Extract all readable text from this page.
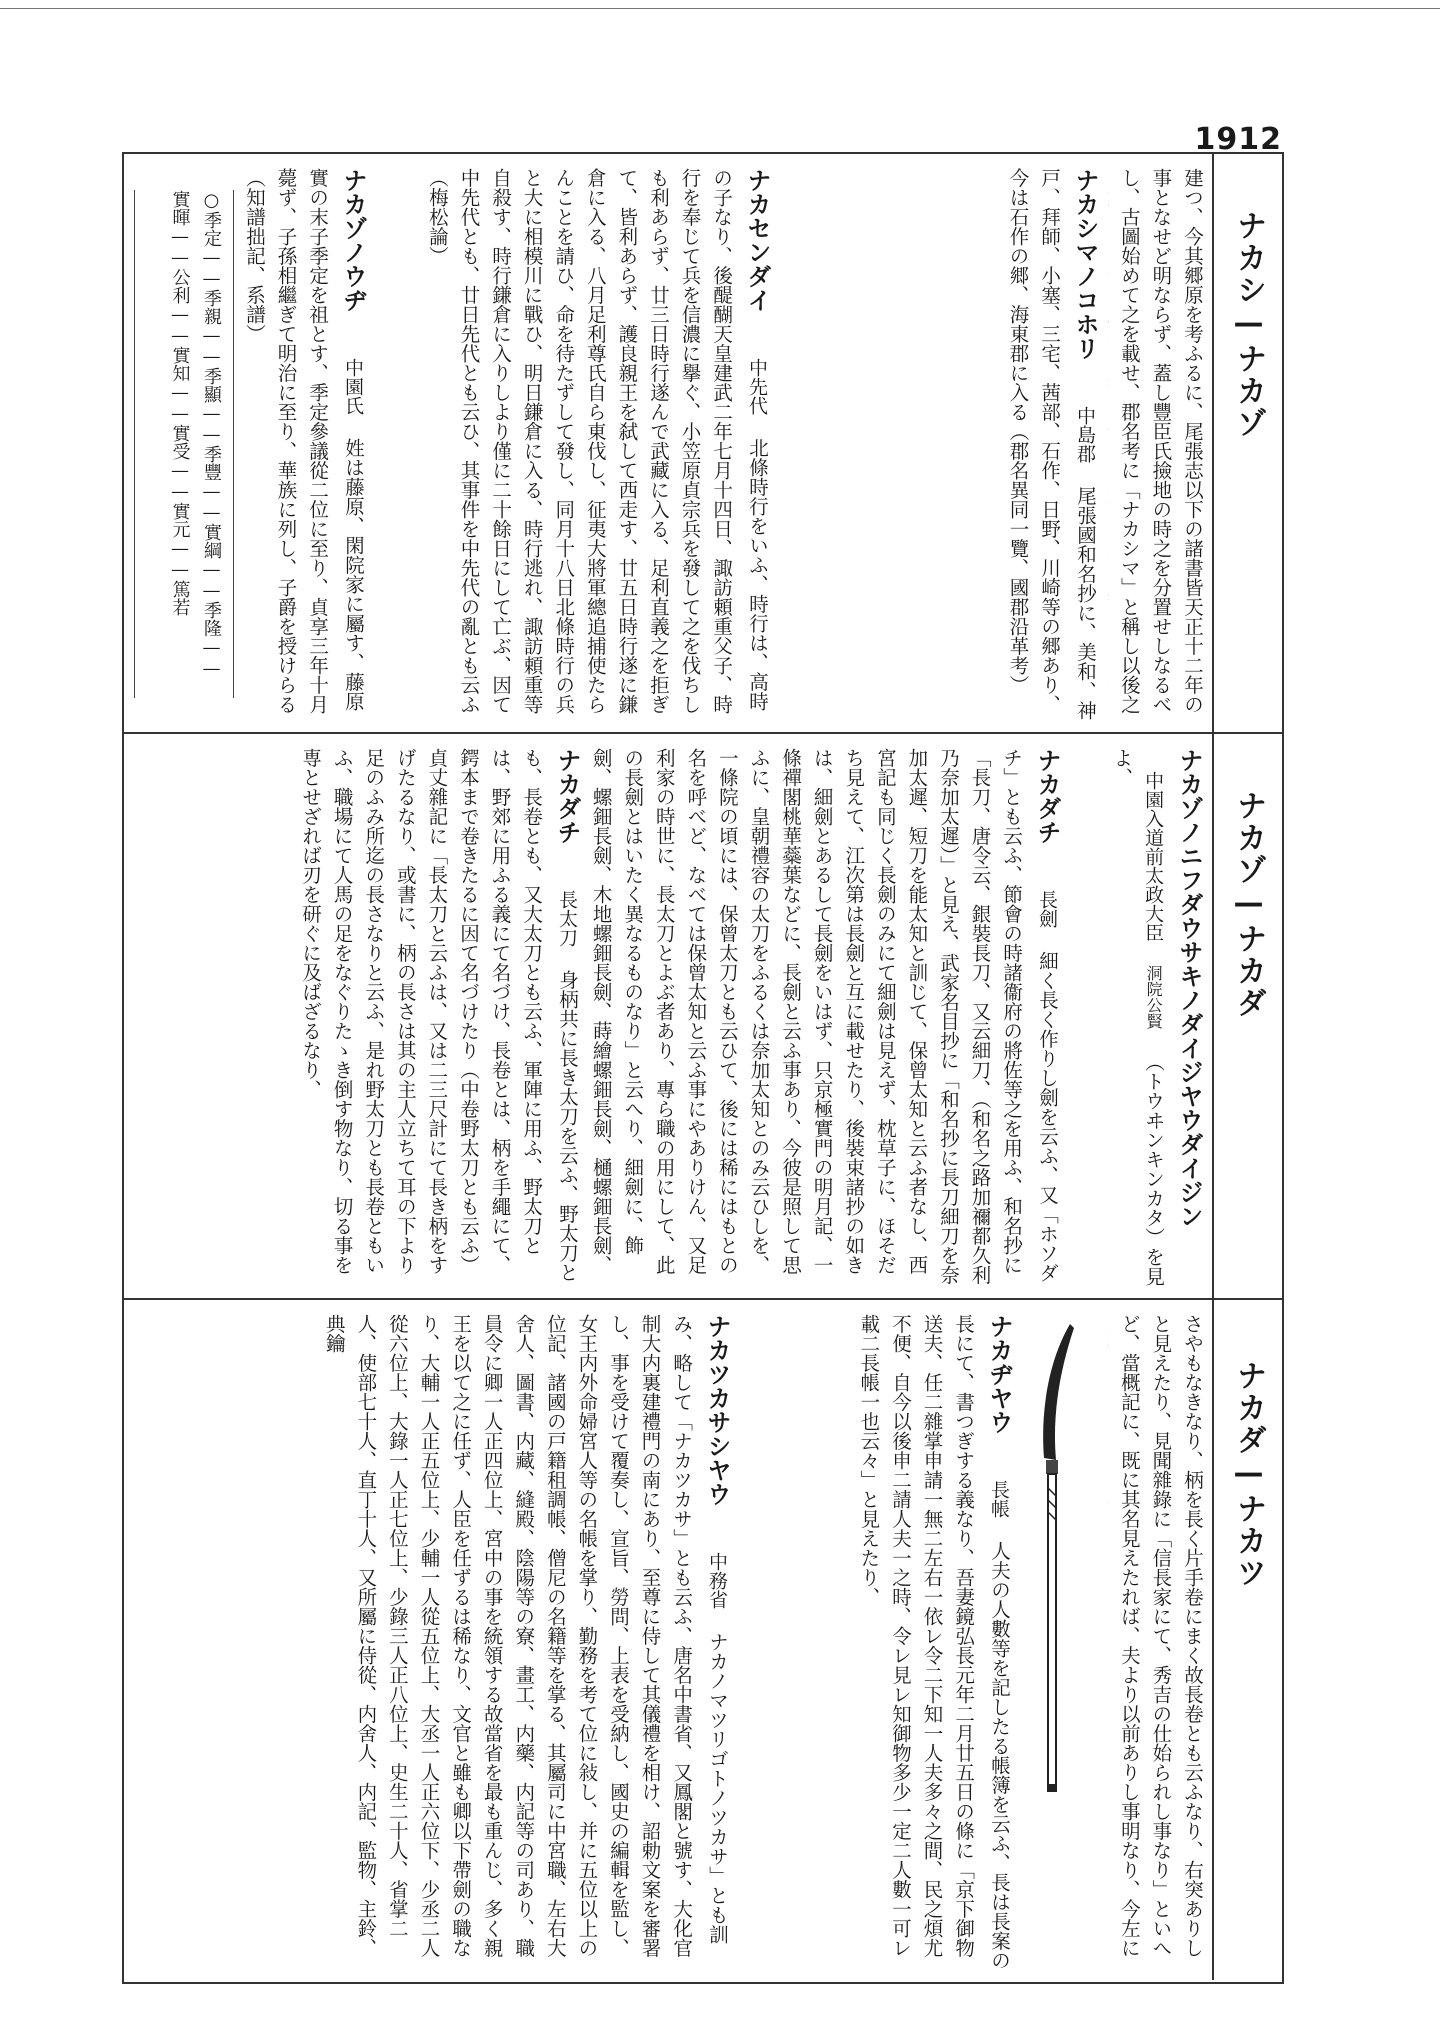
1912
ナカシ—ナカゾ
ナカゾ—ナカダ
ナカダ—ナカツ
建つ、今其郷原を考ふるに、尾張志以下の諸書皆天正十二年の事となせど明ならず、蓋し豐臣氏撿地の時之を分置せしなるべし、古圖始めて之を載せ、郡名考に「ナカシマ」と稱し以後之
ナカシマノコホリ 中島郡 尾張國和名抄に、美和、神戸、拜師、小塞、三宅、茜部、石作、日野、川崎等の郷あり、今は石作の郷、海東郡に入る（郡名異同一覽、國郡沿革考）
ナカセンダイ 中先代 北條時行をいふ、時行は、高時の子なり、後醍醐天皇建武二年七月十四日、諏訪頼重父子、時行を奉じて兵を信濃に擧ぐ、小笠原貞宗兵を發して之を伐ちしも利あらず、廿三日時行遂んで武藏に入る、足利直義之を拒ぎて、皆利あらず、護良親王を弑して西走す、廿五日時行遂に鎌倉に入る、八月足利尊氏自ら東伐し、征夷大將軍總追捕使たらんことを請ひ、命を待たずして發し、同月十八日北條時行の兵と大に相模川に戰ひ、明日鎌倉に入る、時行逃れ、諏訪頼重等自殺す、時行鎌倉に入りしより僅に二十餘日にして亡ぶ、因て中先代とも、廿日先代とも云ひ、其事件を中先代の亂とも云ふ（梅松論）
ナカゾノウヂ 中園氏 姓は藤原、閑院家に屬す、藤原實の末子季定を祖とす、季定參議從二位に至り、貞享三年十月薨ず、子孫相繼ぎて明治に至り、華族に列し、子爵を授けらる（知譜拙記、系譜）
○季定——季親——季顯——季豐——實綱——季隆——
實暉——公利——實知——實受——實元——篤若
ナカゾノニフダウサキノダイジヤウダイジン 中園入道前太政大臣 洞院公賢 （トウヰンキンカタ）を見よ、
ナカダチ 長劍 細く長く作りし劍を云ふ、又「ホソダチ」とも云ふ、節會の時諸衞府の將佐等之を用ふ、和名抄に「長刀、唐令云、銀裝長刀、又云細刀、（和名之路加禰都久利乃奈加太遲）」と見え、武家名目抄に「和名抄に長刀細刀を奈加太遲、短刀を能太知と訓じて、保曾太知と云ふ者なし、西宮記も同じく長劍のみにて細劍は見えず、枕草子に、ほそだち見えて、江次第は長劍と互に載せたり、後裝束諸抄の如きは、細劍とあるして長劍をいはず、只京極實門の明月記、一條禪閣桃華蘂葉などに、長劍と云ふ事あり、今彼是照して思ふに、皇朝禮容の太刀をふるくは奈加太知とのみ云ひしを、一條院の頃には、保曾太刀とも云ひて、後には稀にはもとの名を呼べど、なべては保曾太知と云ふ事にやありけん、又足利家の時世に、長太刀とよぶ者あり、專ら職の用にして、此の長劍とはいたく異なるものなり」と云へり、細劍に、飾劍、螺鈿長劍、木地螺鈿長劍、蒔繪螺鈿長劍、樋螺鈿長劍、
ナカダチ 長太刀 身柄共に長き太刀を云ふ、野太刀とも、長卷とも、又大太刀とも云ふ、軍陣に用ふ、野太刀とは、野郊に用ふる義にて名づけ、長卷とは、柄を手繩にて、鍔本まで卷きたるに因て名づけたり（中卷野太刀とも云ふ）貞丈雜記に「長太刀と云ふは、又は二三尺計にて長き柄をすげたるなり、或書に、柄の長さは其の主人立ちて耳の下より足のふみ所迄の長さなりと云ふ、是れ野太刀とも長卷ともいふ、職場にて人馬の足をなぐりたゝき倒す物なり、切る事を専とせざれば刃を研ぐに及ばざるなり、
さやもなきなり、柄を長く片手卷にまく故長卷とも云ふなり、右突ありしと見えたり、見聞雜錄に「信長家にて、秀吉の仕始られし事なり」といへど、當概記に、既に其名見えたれば、夫より以前ありし事明なり、今左に
ナカヂヤウ 長帳 人夫の人數等を記したる帳簿を云ふ、長は長案の長にて、書つぎする義なり、吾妻鏡弘長元年二月廿五日の條に「京下御物送夫、任二雜掌申請一無二左右一依レ令二下知一人夫多々之間、民之煩尤不便、自今以後申二請人夫一之時、令レ見レ知御物多少一定二人數一可レ載二長帳一也云々」と見えたり、
ナカツカサシヤウ 中務省 ナカノマツリゴトノツカサ」とも訓み、略して「ナカツカサ」とも云ふ、唐名中書省、又鳳閣と號す、大化官制大内裏建禮門の南にあり、至尊に侍して其儀禮を相け、詔勅文案を審署し、事を受けて覆奏し、宣旨、勞問、上表を受納し、國史の編輯を監し、女王内外命婦宮人等の名帳を掌り、勤務を考て位に敍し、并に五位以上の位記、諸國の戸籍租調帳、僧尼の名籍等を掌る、其屬司に中宮職、左右大舍人、圖書、内藏、縫殿、陰陽等の寮、畫工、内藥、内記等の司あり、職員令に卿一人正四位上、宮中の事を統領する故當省を最も重んじ、多く親王を以て之に任ず、人臣を任ずるは稀なり、文官と雖も卿以下帶劍の職なり、大輔一人正五位上、少輔一人從五位上、大丞一人正六位下、少丞二人從六位上、大錄一人正七位上、少錄三人正八位上、史生二十人、省掌二人、使部七十人、直丁十人、又所屬に侍從、内舍人、内記、監物、主鈴、典鑰
